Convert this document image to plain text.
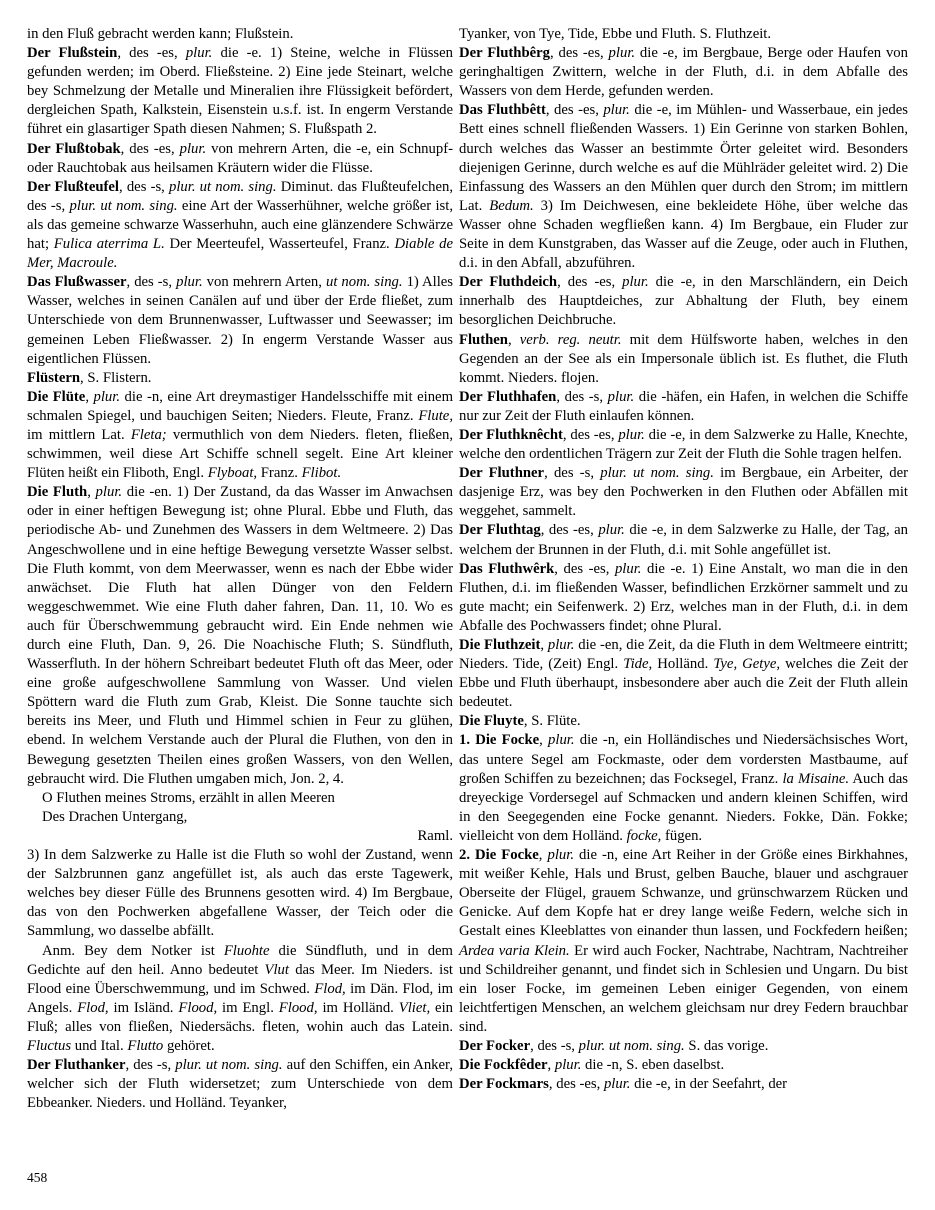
in den Fluß gebracht werden kann; Flußstein.

Der Flußstein, des -es, plur. die -e. 1) Steine, welche in Flüssen gefunden werden; im Oberd. Fließsteine. 2) Eine jede Steinart, welche bey Schmelzung der Metalle und Mineralien ihre Flüssigkeit befördert, dergleichen Spath, Kalkstein, Eisenstein u.s.f. ist. In engerm Verstande führet ein glasartiger Spath diesen Nahmen; S. Flußspath 2.

Der Flußtobak, des -es, plur. von mehrern Arten, die -e, ein Schnupf- oder Rauchtobak aus heilsamen Kräutern wider die Flüsse.

Der Flußteufel, des -s, plur. ut nom. sing. Diminut. das Flußteufelchen, des -s, plur. ut nom. sing. eine Art der Wasserhühner, welche größer ist, als das gemeine schwarze Wasserhuhn, auch eine glänzendere Schwärze hat; Fulica aterrima L. Der Meerteufel, Wasserteufel, Franz. Diable de Mer, Macroule.

Das Flußwasser, des -s, plur. von mehrern Arten, ut nom. sing. 1) Alles Wasser, welches in seinen Canälen auf und über der Erde fließet, zum Unterschiede von dem Brunnenwasser, Luftwasser und Seewasser; im gemeinen Leben Fließwasser. 2) In engerm Verstande Wasser aus eigentlichen Flüssen.

Flüstern, S. Flistern.

Die Flüte, plur. die -n, eine Art dreymastiger Handelsschiffe mit einem schmalen Spiegel, und bauchigen Seiten; Nieders. Fleute, Franz. Flute, im mittlern Lat. Fleta; vermuthlich von dem Nieders. fleten, fließen, schwimmen, weil diese Art Schiffe schnell segelt. Eine Art kleiner Flüten heißt ein Fliboth, Engl. Flyboat, Franz. Flibot.

Die Fluth, plur. die -en. 1) Der Zustand, da das Wasser im Anwachsen oder in einer heftigen Bewegung ist; ohne Plural. Ebbe und Fluth, das periodische Ab- und Zunehmen des Wassers in dem Weltmeere. 2) Das Angeschwollene und in eine heftige Bewegung versetzte Wasser selbst. Die Fluth kommt, von dem Meerwasser, wenn es nach der Ebbe wider anwächset. Die Fluth hat allen Dünger von den Feldern weggeschwemmet. Wie eine Fluth daher fahren, Dan. 11, 10. Wo es auch für Überschwemmung gebraucht wird. Ein Ende nehmen wie durch eine Fluth, Dan. 9, 26. Die Noachische Fluth; S. Sündfluth, Wasserfluth. In der höhern Schreibart bedeutet Fluth oft das Meer, oder eine große aufgeschwollene Sammlung von Wasser. Und vielen Spöttern ward die Fluth zum Grab, Kleist. Die Sonne tauchte sich bereits ins Meer, und Fluth und Himmel schien in Feur zu glühen, ebend. In welchem Verstande auch der Plural die Fluthen, von den in Bewegung gesetzten Theilen eines großen Wassers, von den Wellen, gebraucht wird. Die Fluthen umgaben mich, Jon. 2, 4.

O Fluthen meines Stroms, erzählt in allen Meeren

Des Drachen Untergang,

Raml.

3) In dem Salzwerke zu Halle ist die Fluth so wohl der Zustand, wenn der Salzbrunnen ganz angefüllet ist, als auch das erste Tagewerk, welches bey dieser Fülle des Brunnens gesotten wird. 4) Im Bergbaue, das von den Pochwerken abgefallene Wasser, der Teich oder die Sammlung, wo dasselbe abfällt.

Anm. Bey dem Notker ist Fluohte die Sündfluth, und in dem Gedichte auf den heil. Anno bedeutet Vlut das Meer. Im Nieders. ist Flood eine Überschwemmung, und im Schwed. Flod, im Dän. Flod, im Angels. Flod, im Isländ. Flood, im Engl. Flood, im Holländ. Vliet, ein Fluß; alles von fließen, Niedersächs. fleten, wohin auch das Latein. Fluctus und Ital. Flutto gehöret.

Der Fluthanker, des -s, plur. ut nom. sing. auf den Schiffen, ein Anker, welcher sich der Fluth widersetzet; zum Unterschiede von dem Ebbeanker. Nieders. und Holländ. Teyanker,

Tyanker, von Tye, Tide, Ebbe und Fluth. S. Fluthzeit.

Der Fluthbêrg, des -es, plur. die -e, im Bergbaue, Berge oder Haufen von geringhaltigen Zwittern, welche in der Fluth, d.i. in dem Abfalle des Wassers von dem Herde, gefunden werden.

Das Fluthbêtt, des -es, plur. die -e, im Mühlen- und Wasserbaue, ein jedes Bett eines schnell fließenden Wassers. 1) Ein Gerinne von starken Bohlen, durch welches das Wasser an bestimmte Örter geleitet wird. Besonders diejenigen Gerinne, durch welche es auf die Mühlräder geleitet wird. 2) Die Einfassung des Wassers an den Mühlen quer durch den Strom; im mittlern Lat. Bedum. 3) Im Deichwesen, eine bekleidete Höhe, über welche das Wasser ohne Schaden wegfließen kann. 4) Im Bergbaue, ein Fluder zur Seite in dem Kunstgraben, das Wasser auf die Zeuge, oder auch in Fluthen, d.i. in den Abfall, abzuführen.

Der Fluthdeich, des -es, plur. die -e, in den Marschländern, ein Deich innerhalb des Hauptdeiches, zur Abhaltung der Fluth, bey einem besorglichen Deichbruche.

Fluthen, verb. reg. neutr. mit dem Hülfsworte haben, welches in den Gegenden an der See als ein Impersonale üblich ist. Es fluthet, die Fluth kommt. Nieders. flojen.

Der Fluthhafen, des -s, plur. die -häfen, ein Hafen, in welchen die Schiffe nur zur Zeit der Fluth einlaufen können.

Der Fluthknêcht, des -es, plur. die -e, in dem Salzwerke zu Halle, Knechte, welche den ordentlichen Trägern zur Zeit der Fluth die Sohle tragen helfen.

Der Fluthner, des -s, plur. ut nom. sing. im Bergbaue, ein Arbeiter, der dasjenige Erz, was bey den Pochwerken in den Fluthen oder Abfällen mit weggehet, sammelt.

Der Fluthtag, des -es, plur. die -e, in dem Salzwerke zu Halle, der Tag, an welchem der Brunnen in der Fluth, d.i. mit Sohle angefüllet ist.

Das Fluthwêrk, des -es, plur. die -e. 1) Eine Anstalt, wo man die in den Fluthen, d.i. im fließenden Wasser, befindlichen Erzkörner sammelt und zu gute macht; ein Seifenwerk. 2) Erz, welches man in der Fluth, d.i. in dem Abfalle des Pochwassers findet; ohne Plural.

Die Fluthzeit, plur. die -en, die Zeit, da die Fluth in dem Weltmeere eintritt; Nieders. Tide, (Zeit) Engl. Tide, Holländ. Tye, Getye, welches die Zeit der Ebbe und Fluth überhaupt, insbesondere aber auch die Zeit der Fluth allein bedeutet.

Die Fluyte, S. Flüte.

1. Die Focke, plur. die -n, ein Holländisches und Niedersächsisches Wort, das untere Segel am Fockmaste, oder dem vordersten Mastbaume, auf großen Schiffen zu bezeichnen; das Focksegel, Franz. la Misaine. Auch das dreyeckige Vordersegel auf Schmacken und andern kleinen Schiffen, wird in den Seegegenden eine Focke genannt. Nieders. Fokke, Dän. Fokke; vielleicht von dem Holländ. focke, fügen.

2. Die Focke, plur. die -n, eine Art Reiher in der Größe eines Birkhahnes, mit weißer Kehle, Hals und Brust, gelben Bauche, blauer und aschgrauer Oberseite der Flügel, grauem Schwanze, und grünschwarzem Rücken und Genicke. Auf dem Kopfe hat er drey lange weiße Federn, welche sich in Gestalt eines Kleeblattes von einander thun lassen, und Fockfedern heißen; Ardea varia Klein. Er wird auch Focker, Nachtrabe, Nachtram, Nachtreiher und Schildreiher genannt, und findet sich in Schlesien und Ungarn. Du bist ein loser Focke, im gemeinen Leben einiger Gegenden, von einem leichtfertigen Menschen, an welchem gleichsam nur drey Federn brauchbar sind.

Der Focker, des -s, plur. ut nom. sing. S. das vorige.

Die Fockfêder, plur. die -n, S. eben daselbst.

Der Fockmars, des -es, plur. die -e, in der Seefahrt, der

458
